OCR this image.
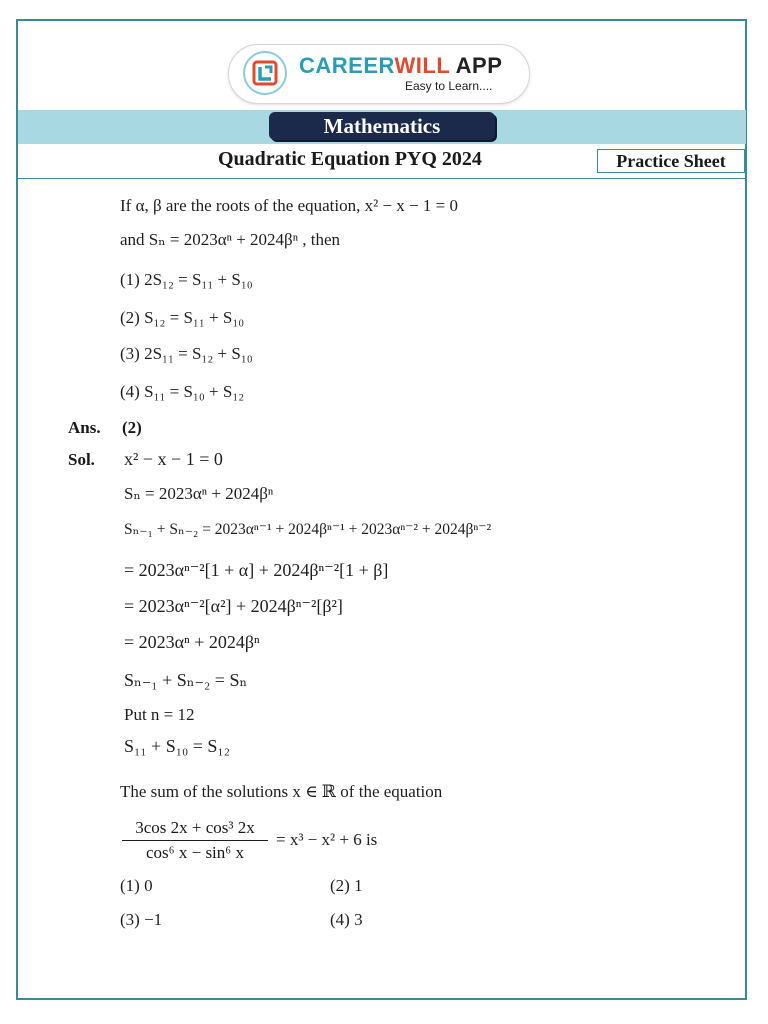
CAREERWILL APP
Easy to Learn....
Mathematics
Quadratic Equation PYQ 2024	Practice Sheet
If α, β are the roots of the equation, x² − x − 1 = 0
and Sₙ = 2023αⁿ + 2024βⁿ , then
(1) 2S₁₂ = S₁₁ + S₁₀
(2) S₁₂ = S₁₁ + S₁₀
(3) 2S₁₁ = S₁₂ + S₁₀
(4) S₁₁ = S₁₀ + S₁₂
Ans. (2)
Sol. x² − x − 1 = 0
Sₙ = 2023αⁿ + 2024βⁿ
Sₙ₋₁ + Sₙ₋₂ = 2023αⁿ⁻¹ + 2024βⁿ⁻¹ + 2023αⁿ⁻² + 2024βⁿ⁻²
= 2023αⁿ⁻²[1 + α] + 2024βⁿ⁻²[1 + β]
= 2023αⁿ⁻²[α²] + 2024βⁿ⁻²[β²]
= 2023αⁿ + 2024βⁿ
Sₙ₋₁ + Sₙ₋₂ = Sₙ
Put n = 12
S₁₁ + S₁₀ = S₁₂
The sum of the solutions x ∈ ℝ of the equation
$\frac{\text{3cos 2x + cos³ 2x}}{\text{cos⁶ x − sin⁶ x}} = x^3 - x^2 + 6$ is
(1) 0	(2) 1
(3) −1	(4) 3
